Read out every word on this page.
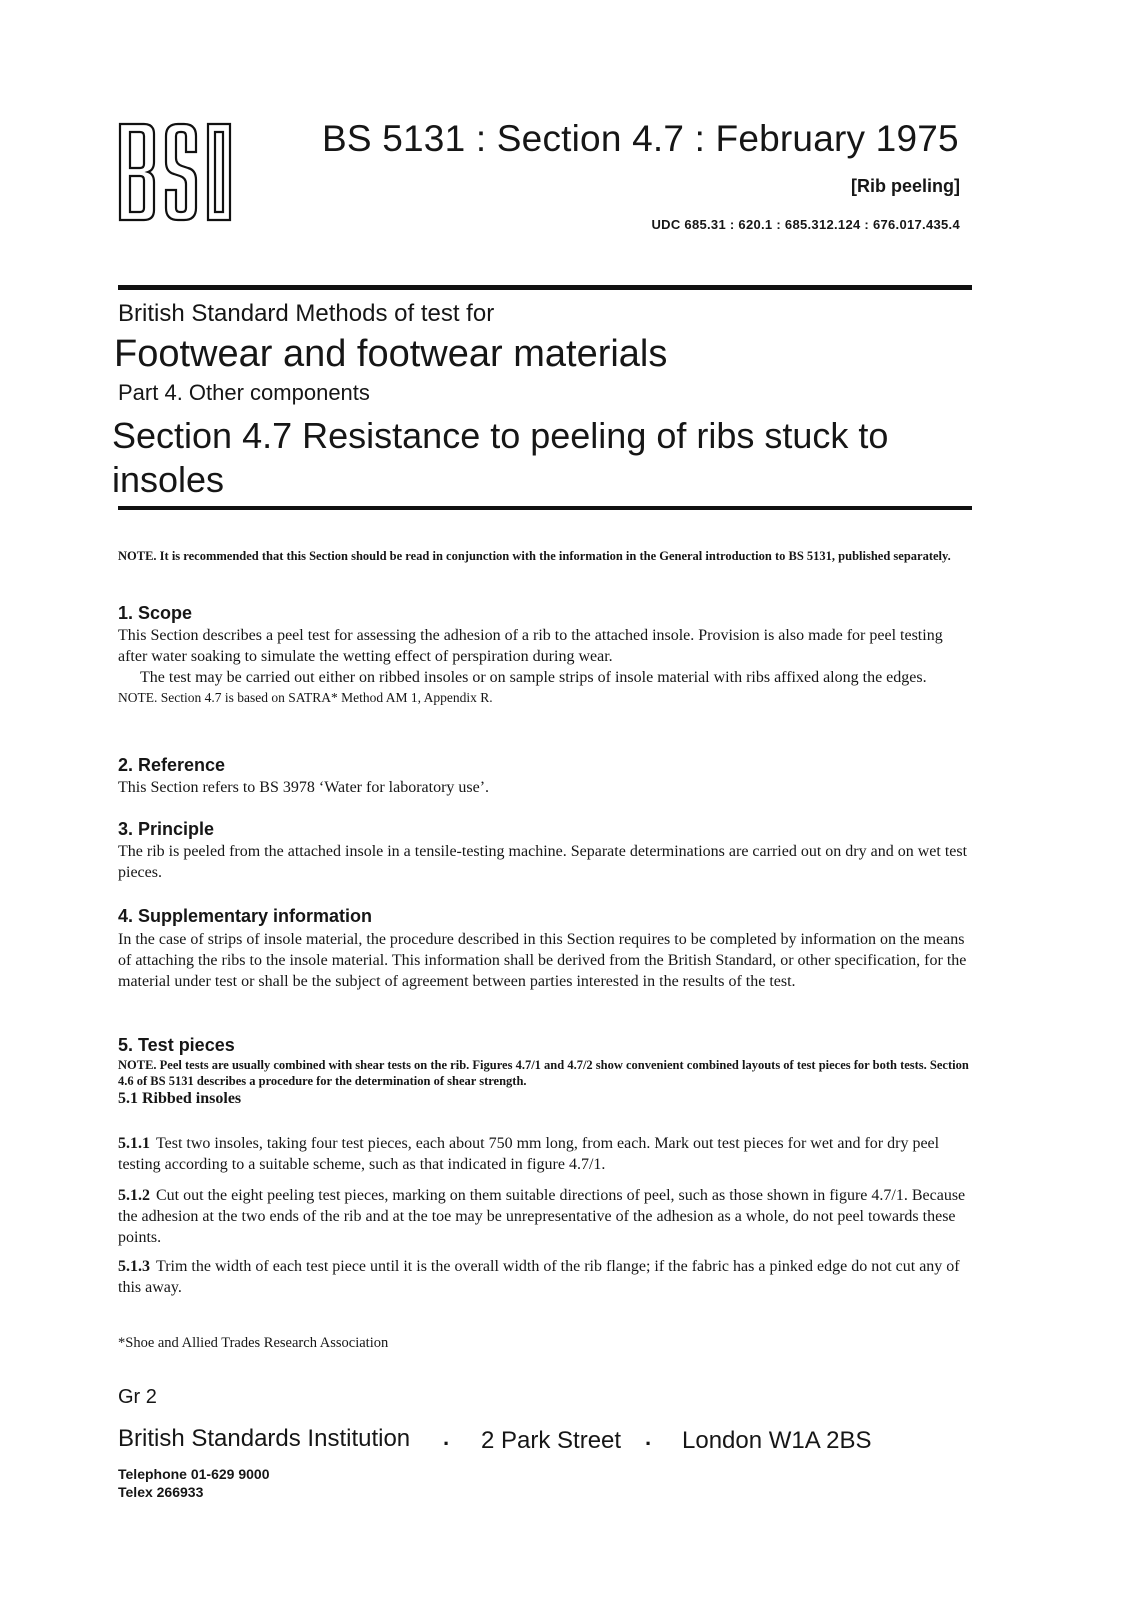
BS 5131 : Section 4.7 : February 1975
[Rib peeling]
UDC 685.31 : 620.1 : 685.312.124 : 676.017.435.4
British Standard Methods of test for
Footwear and footwear materials
Part 4. Other components
Section 4.7 Resistance to peeling of ribs stuck to insoles
NOTE. It is recommended that this Section should be read in conjunction with the information in the General introduction to BS 5131, published separately.
1. Scope

This Section describes a peel test for assessing the adhesion of a rib to the attached insole. Provision is also made for peel testing after water soaking to simulate the wetting effect of perspiration during wear.

The test may be carried out either on ribbed insoles or on sample strips of insole material with ribs affixed along the edges.

NOTE. Section 4.7 is based on SATRA* Method AM 1, Appendix R.

2. Reference
This Section refers to BS 3978 ‘Water for laboratory use’.
3. Principle
The rib is peeled from the attached insole in a tensile-testing machine. Separate determinations are carried out on dry and on wet test pieces.
4. Supplementary information
In the case of strips of insole material, the procedure described in this Section requires to be completed by information on the means of attaching the ribs to the insole material. This information shall be derived from the British Standard, or other specification, for the material under test or shall be the subject of agreement between parties interested in the results of the test.
5. Test pieces
NOTE. Peel tests are usually combined with shear tests on the rib. Figures 4.7/1 and 4.7/2 show convenient combined layouts of test pieces for both tests. Section 4.6 of BS 5131 describes a procedure for the determination of shear strength.
5.1 Ribbed insoles
5.1.1 Test two insoles, taking four test pieces, each about 750 mm long, from each. Mark out test pieces for wet and for dry peel testing according to a suitable scheme, such as that indicated in figure 4.7/1.
5.1.2 Cut out the eight peeling test pieces, marking on them suitable directions of peel, such as those shown in figure 4.7/1. Because the adhesion at the two ends of the rib and at the toe may be unrepresentative of the adhesion as a whole, do not peel towards these points.
5.1.3 Trim the width of each test piece until it is the overall width of the rib flange; if the fabric has a pinked edge do not cut any of this away.
*Shoe and Allied Trades Research Association
Gr 2
British Standards Institution · 2 Park Street · London W1A 2BS
Telephone 01-629 9000
Telex 266933
